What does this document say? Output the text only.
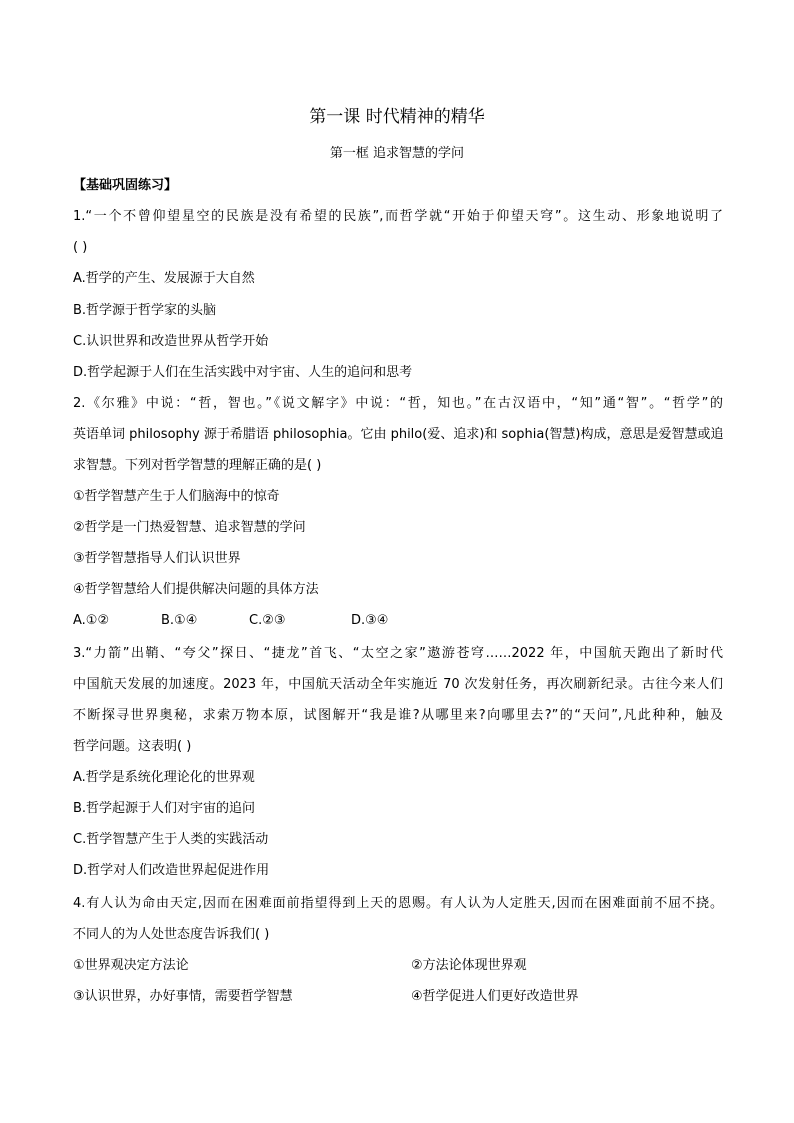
第一课 时代精神的精华
第一框 追求智慧的学问
【基础巩固练习】
1.“一个不曾仰望星空的民族是没有希望的民族”,而哲学就“开始于仰望天穹”。这生动、形象地说明了
( )
A.哲学的产生、发展源于大自然
B.哲学源于哲学家的头脑
C.认识世界和改造世界从哲学开始
D.哲学起源于人们在生活实践中对宇宙、人生的追问和思考
2.《尔雅》中说：“哲，智也。”《说文解字》中说：“哲，知也。”在古汉语中，“知”通“智”。“哲学”的
英语单词 philosophy 源于希腊语 philosophia。它由 philo(爱、追求)和 sophia(智慧)构成，意思是爱智慧或追
求智慧。下列对哲学智慧的理解正确的是( )
①哲学智慧产生于人们脑海中的惊奇
②哲学是一门热爱智慧、追求智慧的学问
③哲学智慧指导人们认识世界
④哲学智慧给人们提供解决问题的具体方法
A.①②	B.①④	C.②③	D.③④
3.“力箭”出鞘、“夸父”探日、“捷龙”首飞、“太空之家”遨游苍穹……2022 年，中国航天跑出了新时代
中国航天发展的加速度。2023 年，中国航天活动全年实施近 70 次发射任务，再次刷新纪录。古往今来人们
不断探寻世界奥秘，求索万物本原，试图解开“我是谁?从哪里来?向哪里去?”的“天问”,凡此种种，触及
哲学问题。这表明( )
A.哲学是系统化理论化的世界观
B.哲学起源于人们对宇宙的追问
C.哲学智慧产生于人类的实践活动
D.哲学对人们改造世界起促进作用
4.有人认为命由天定,因而在困难面前指望得到上天的恩赐。有人认为人定胜天,因而在困难面前不屈不挠。
不同人的为人处世态度告诉我们( )
①世界观决定方法论	②方法论体现世界观
③认识世界，办好事情，需要哲学智慧	④哲学促进人们更好改造世界
